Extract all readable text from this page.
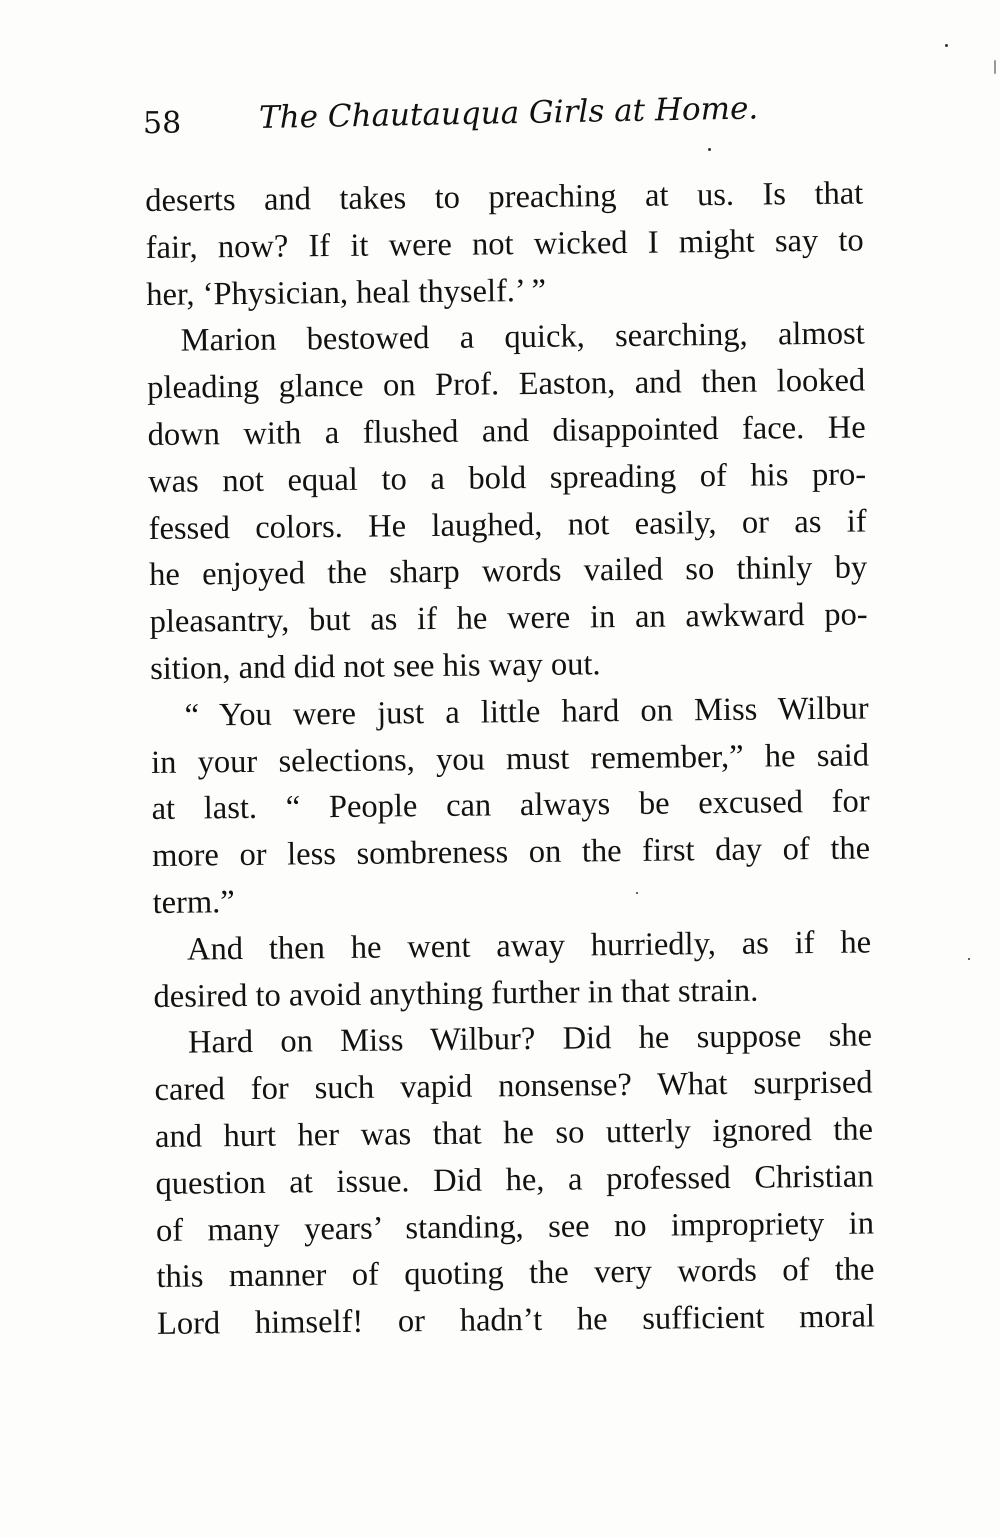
58 The Chautauqua Girls at Home.
deserts and takes to preaching at us. Is that
fair, now? If it were not wicked I might say to
her, ‘Physician, heal thyself.’ ”
Marion bestowed a quick, searching, almost
pleading glance on Prof. Easton, and then looked
down with a flushed and disappointed face. He
was not equal to a bold spreading of his pro-
fessed colors. He laughed, not easily, or as if
he enjoyed the sharp words vailed so thinly by
pleasantry, but as if he were in an awkward po-
sition, and did not see his way out.
“ You were just a little hard on Miss Wilbur
in your selections, you must remember,” he said
at last. “ People can always be excused for
more or less sombreness on the first day of the
term.”
And then he went away hurriedly, as if he
desired to avoid anything further in that strain.
Hard on Miss Wilbur? Did he suppose she
cared for such vapid nonsense? What surprised
and hurt her was that he so utterly ignored the
question at issue. Did he, a professed Christian
of many years’ standing, see no impropriety in
this manner of quoting the very words of the
Lord himself! or hadn’t he sufficient moral
